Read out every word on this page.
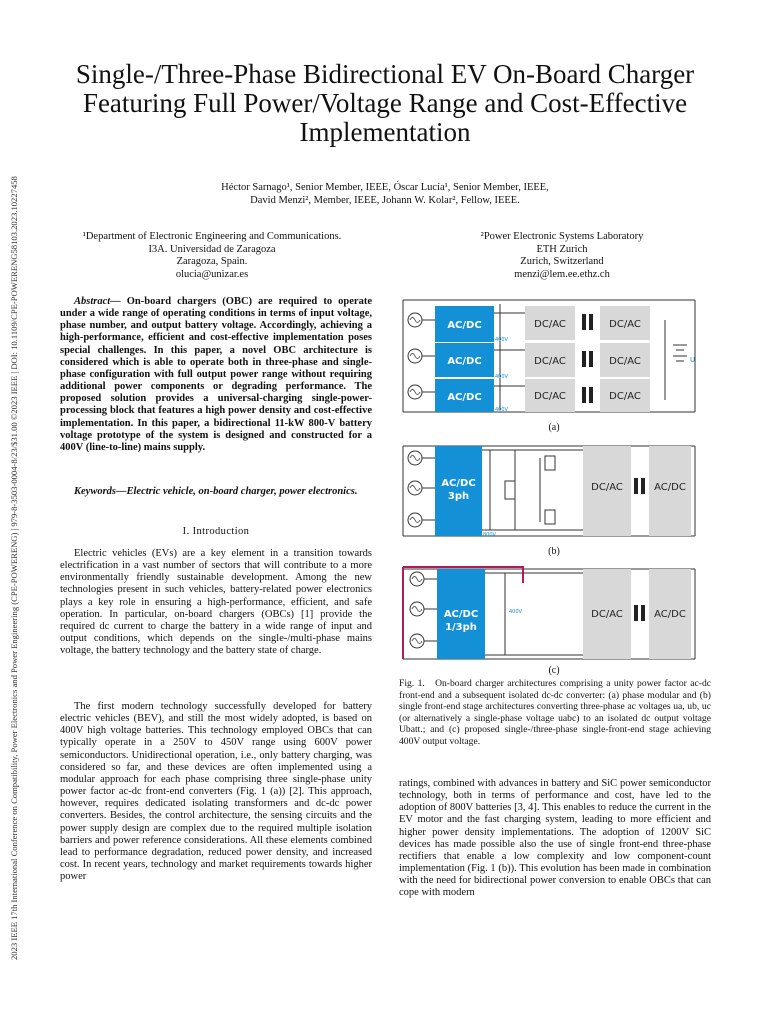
2023 IEEE 17th International Conference on Compatibility, Power Electronics and Power Engineering (CPE-POWERENG) | 979-8-3503-0004-8/23/$31.00 ©2023 IEEE | DOI: 10.1109/CPE-POWERENG58103.2023.10227458
Single-/Three-Phase Bidirectional EV On-Board Charger Featuring Full Power/Voltage Range and Cost-Effective Implementation
Héctor Sarnago¹, Senior Member, IEEE, Óscar Lucía¹, Senior Member, IEEE,
David Menzi², Member, IEEE, Johann W. Kolar², Fellow, IEEE.
¹Department of Electronic Engineering and Communications.
I3A. Universidad de Zaragoza
Zaragoza, Spain.
olucia@unizar.es
²Power Electronic Systems Laboratory
ETH Zurich
Zurich, Switzerland
menzi@lem.ee.ethz.ch

Abstract— On-board chargers (OBC) are required to operate under a wide range of operating conditions in terms of input voltage, phase number, and output battery voltage. Accordingly, achieving a high-performance, efficient and cost-effective implementation poses special challenges. In this paper, a novel OBC architecture is considered which is able to operate both in three-phase and single-phase configuration with full output power range without requiring additional power components or degrading performance. The proposed solution provides a universal-charging single-power-processing block that features a high power density and cost-effective implementation. In this paper, a bidirectional 11-kW 800-V battery voltage prototype of the system is designed and constructed for a 400V (line-to-line) mains supply.

Keywords—Electric vehicle, on-board charger, power electronics.

I. Introduction

Electric vehicles (EVs) are a key element in a transition towards electrification in a vast number of sectors that will contribute to a more environmentally friendly sustainable development. Among the new technologies present in such vehicles, battery-related power electronics plays a key role in ensuring a high-performance, efficient, and safe operation. In particular, on-board chargers (OBCs) [1] provide the required dc current to charge the battery in a wide range of input and output conditions, which depends on the single-/multi-phase mains voltage, the battery technology and the battery state of charge.

The first modern technology successfully developed for battery electric vehicles (BEV), and still the most widely adopted, is based on 400V high voltage batteries. This technology employed OBCs that can typically operate in a 250V to 450V range using 600V power semiconductors. Unidirectional operation, i.e., only battery charging, was considered so far, and these devices are often implemented using a modular approach for each phase comprising three single-phase unity power factor ac-dc front-end converters (Fig. 1 (a)) [2]. This approach, however, requires dedicated isolating transformers and dc-dc power converters. Besides, the control architecture, the sensing circuits and the power supply design are complex due to the required multiple isolation barriers and power reference considerations. All these elements combined lead to performance degradation, reduced power density, and increased cost. In recent years, technology and market requirements towards higher power

AC/DC
AC/DC
AC/DC
400V
400V
400V
DC/AC
DC/AC
DC/AC
DC/AC
DC/AC
DC/AC
U
(a)
AC/DC
3ph
800V
DC/AC	AC/DC
(b)
AC/DC
1/3ph
400V	DC/AC	AC/DC
(c)

Fig. 1. On-board charger architectures comprising a unity power factor ac-dc front-end and a subsequent isolated dc-dc converter: (a) phase modular and (b) single front-end stage architectures converting three-phase ac voltages ua, ub, uc (or alternatively a single-phase voltage uabc) to an isolated dc output voltage Ubatt.; and (c) proposed single-/three-phase single-front-end stage achieving 400V output voltage.

ratings, combined with advances in battery and SiC power semiconductor technology, both in terms of performance and cost, have led to the adoption of 800V batteries [3, 4]. This enables to reduce the current in the EV motor and the fast charging system, leading to more efficient and higher power density implementations. The adoption of 1200V SiC devices has made possible also the use of single front-end three-phase rectifiers that enable a low complexity and low component-count implementation (Fig. 1 (b)). This evolution has been made in combination with the need for bidirectional power conversion to enable OBCs that can cope with modern
